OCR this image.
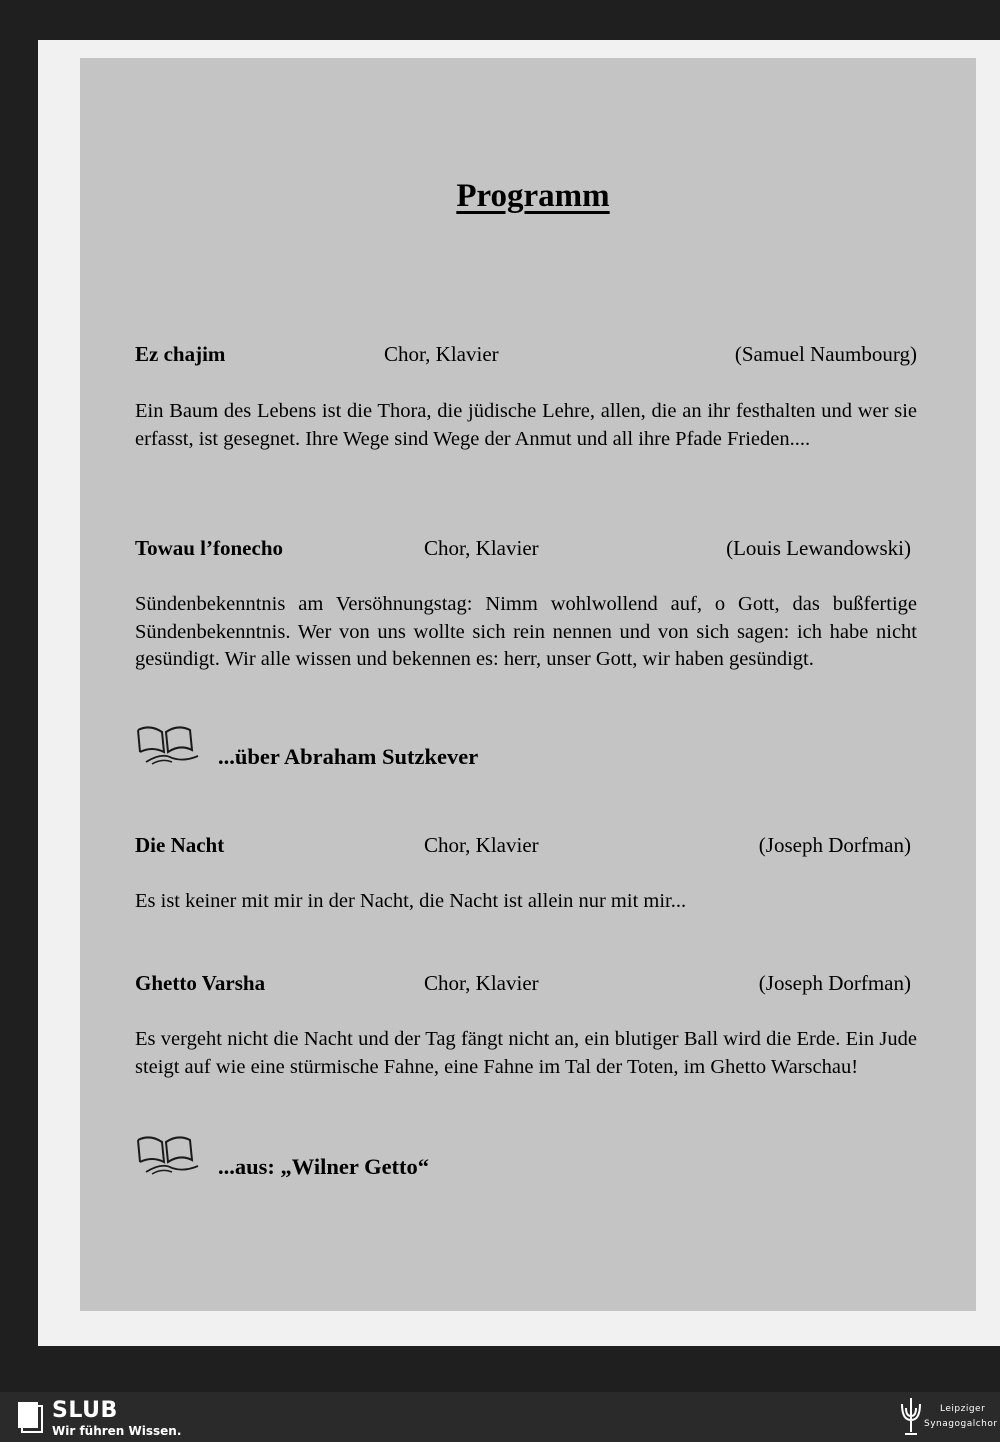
Programm
Ez chajim	Chor, Klavier	(Samuel Naumbourg)
Ein Baum des Lebens ist die Thora, die jüdische Lehre, allen, die an ihr festhalten und wer sie erfasst, ist gesegnet. Ihre Wege sind Wege der Anmut und all ihre Pfade Frieden....
Towau l’fonecho	Chor, Klavier	(Louis Lewandowski)
Sündenbekenntnis am Versöhnungstag: Nimm wohlwollend auf, o Gott, das bußfertige Sündenbekenntnis. Wer von uns wollte sich rein nennen und von sich sagen: ich habe nicht gesündigt. Wir alle wissen und bekennen es: herr, unser Gott, wir haben gesündigt.
...über Abraham Sutzkever
Die Nacht	Chor, Klavier	(Joseph Dorfman)
Es ist keiner mit mir in der Nacht, die Nacht ist allein nur mit mir...
Ghetto Varsha	Chor, Klavier	(Joseph Dorfman)
Es vergeht nicht die Nacht und der Tag fängt nicht an, ein blutiger Ball wird die Erde. Ein Jude steigt auf wie eine stürmische Fahne, eine Fahne im Tal der Toten, im Ghetto Warschau!
...aus: „Wilner Getto“
SLUB
Wir führen Wissen.
Leipziger
Synagogalchor
